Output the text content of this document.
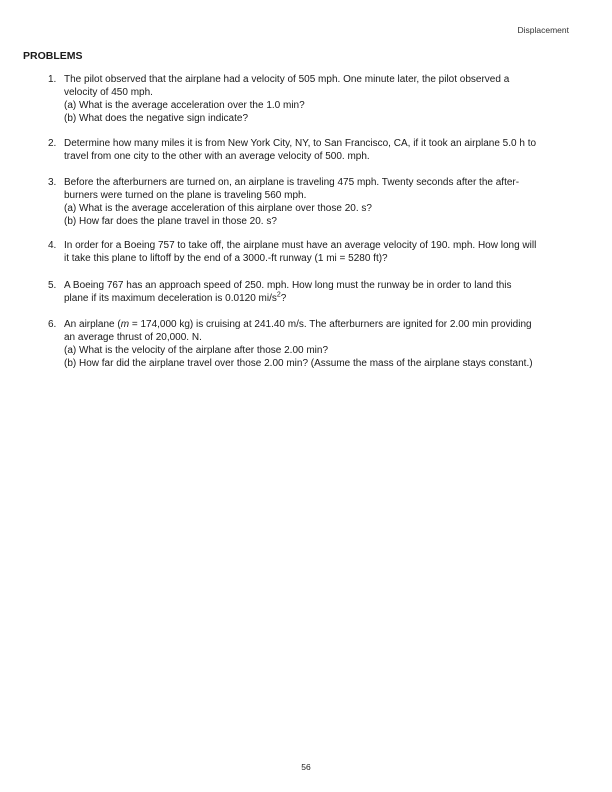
Displacement
PROBLEMS
1. The pilot observed that the airplane had a velocity of 505 mph. One minute later, the pilot observed a
velocity of 450 mph.
(a) What is the average acceleration over the 1.0 min?
(b) What does the negative sign indicate?
2. Determine how many miles it is from New York City, NY, to San Francisco, CA, if it took an airplane 5.0 h to
travel from one city to the other with an average velocity of 500. mph.
3. Before the afterburners are turned on, an airplane is traveling 475 mph. Twenty seconds after the after-
burners were turned on the plane is traveling 560 mph.
(a) What is the average acceleration of this airplane over those 20. s?
(b) How far does the plane travel in those 20. s?
4. In order for a Boeing 757 to take off, the airplane must have an average velocity of 190. mph. How long will
it take this plane to liftoff by the end of a 3000.-ft runway (1 mi = 5280 ft)?
5. A Boeing 767 has an approach speed of 250. mph. How long must the runway be in order to land this
plane if its maximum deceleration is 0.0120 $mi/s^2$?
6. An airplane (m = 174,000 kg) is cruising at 241.40 m/s. The afterburners are ignited for 2.00 min providing
an average thrust of 20,000. N.
(a) What is the velocity of the airplane after those 2.00 min?
(b) How far did the airplane travel over those 2.00 min? (Assume the mass of the airplane stays constant.)
56
